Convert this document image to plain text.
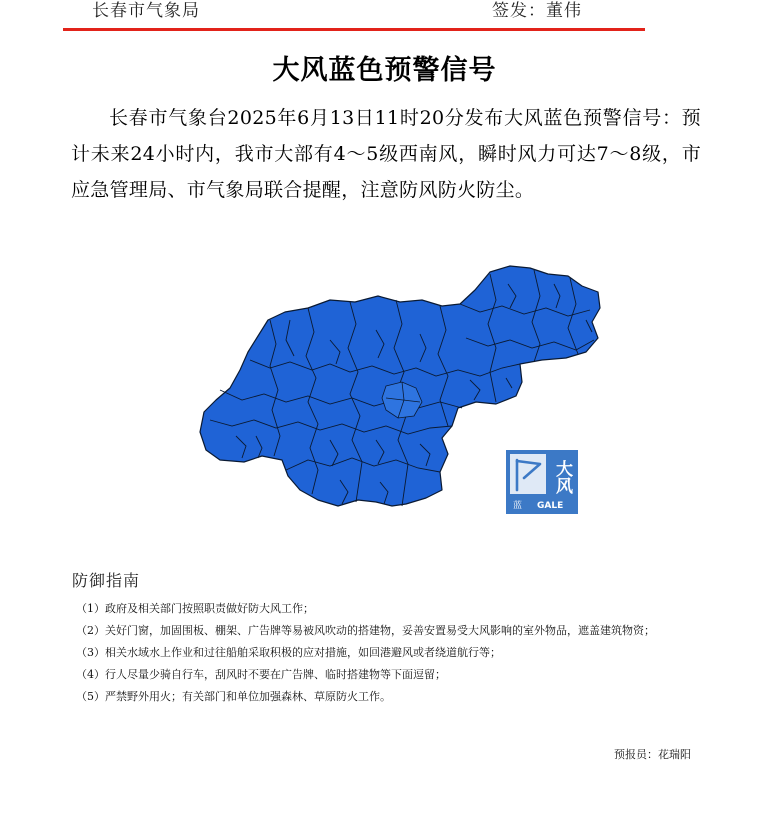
长春市气象局	签发：董伟
大风蓝色预警信号
长春市气象台2025年6月13日11时20分发布大风蓝色预警信号：预计未来24小时内，我市大部有4～5级西南风，瞬时风力可达7～8级，市应急管理局、市气象局联合提醒，注意防风防火防尘。
大风
蓝 GALE
防御指南
（1）政府及相关部门按照职责做好防大风工作；
（2）关好门窗，加固围板、棚架、广告牌等易被风吹动的搭建物，妥善安置易受大风影响的室外物品，遮盖建筑物资；
（3）相关水域水上作业和过往船舶采取积极的应对措施，如回港避风或者绕道航行等；
（4）行人尽量少骑自行车，刮风时不要在广告牌、临时搭建物等下面逗留；
（5）严禁野外用火；有关部门和单位加强森林、草原防火工作。
预报员：花瑞阳
